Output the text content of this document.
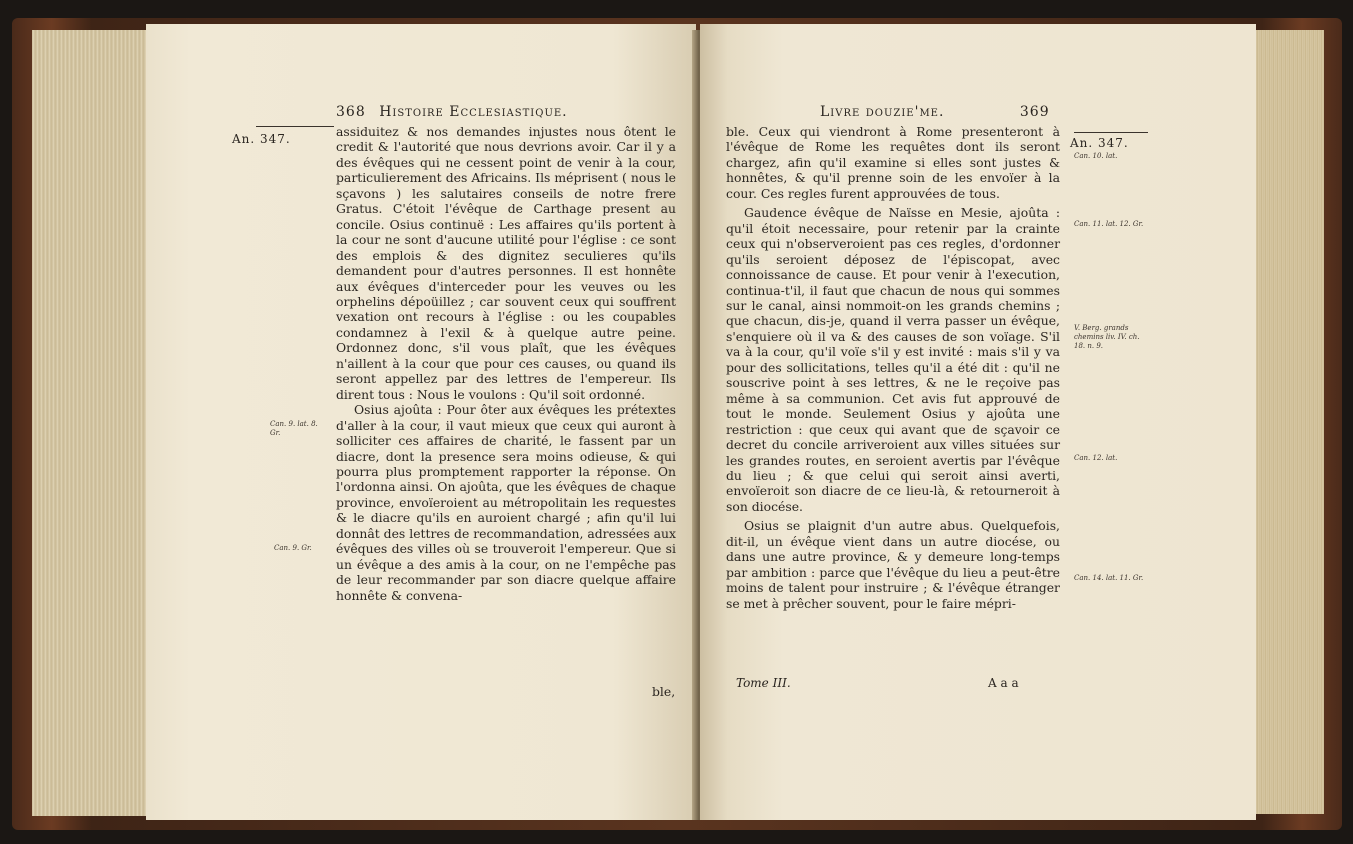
368 Histoire Ecclesiastique.
An. 347.
Can. 9. lat. 8. Gr.
Can. 9. Gr.

assiduitez & nos demandes injustes nous ôtent le credit & l'autorité que nous devrions avoir. Car il y a des évêques qui ne cessent point de venir à la cour, particulierement des Africains. Ils méprisent ( nous le sçavons ) les salutaires conseils de notre frere Gratus. C'étoit l'évêque de Carthage present au concile. Osius continuë : Les affaires qu'ils portent à la cour ne sont d'aucune utilité pour l'église : ce sont des emplois & des dignitez seculieres qu'ils demandent pour d'autres personnes. Il est honnête aux évêques d'interceder pour les veuves ou les orphelins dépoüillez ; car souvent ceux qui souffrent vexation ont recours à l'église : ou les coupables condamnez à l'exil & à quelque autre peine. Ordonnez donc, s'il vous plaît, que les évêques n'aillent à la cour que pour ces causes, ou quand ils seront appellez par des lettres de l'empereur. Ils dirent tous : Nous le voulons : Qu'il soit ordonné.

Osius ajoûta : Pour ôter aux évêques les prétextes d'aller à la cour, il vaut mieux que ceux qui auront à solliciter ces affaires de charité, le fassent par un diacre, dont la presence sera moins odieuse, & qui pourra plus promptement rapporter la réponse. On l'ordonna ainsi. On ajoûta, que les évêques de chaque province, envoïeroient au métropolitain les requestes & le diacre qu'ils en auroient chargé ; afin qu'il lui donnât des lettres de recommandation, adressées aux évêques des villes où se trouveroit l'empereur. Que si un évêque a des amis à la cour, on ne l'empêche pas de leur recommander par son diacre quelque affaire honnête & convena-

ble,
Livre douzie'me.	369
An. 347.
Can. 10. lat.
Can. 11. lat. 12. Gr.
V. Berg. grands chemins liv. IV. ch. 18. n. 9.
Can. 12. lat.
Can. 14. lat. 11. Gr.

ble. Ceux qui viendront à Rome presenteront à l'évêque de Rome les requêtes dont ils seront chargez, afin qu'il examine si elles sont justes & honnêtes, & qu'il prenne soin de les envoïer à la cour. Ces regles furent approuvées de tous.

Gaudence évêque de Naïsse en Mesie, ajoûta : qu'il étoit necessaire, pour retenir par la crainte ceux qui n'observeroient pas ces regles, d'ordonner qu'ils seroient déposez de l'épiscopat, avec connoissance de cause. Et pour venir à l'execution, continua-t'il, il faut que chacun de nous qui sommes sur le canal, ainsi nommoit-on les grands chemins ; que chacun, dis-je, quand il verra passer un évêque, s'enquiere où il va & des causes de son voïage. S'il va à la cour, qu'il voïe s'il y est invité : mais s'il y va pour des sollicitations, telles qu'il a été dit : qu'il ne souscrive point à ses lettres, & ne le reçoive pas même à sa communion. Cet avis fut approuvé de tout le monde. Seulement Osius y ajoûta une restriction : que ceux qui avant que de sçavoir ce decret du concile arriveroient aux villes situées sur les grandes routes, en seroient avertis par l'évêque du lieu ; & que celui qui seroit ainsi averti, envoïeroit son diacre de ce lieu-là, & retourneroit à son diocése.

Osius se plaignit d'un autre abus. Quelquefois, dit-il, un évêque vient dans un autre diocése, ou dans une autre province, & y demeure long-temps par ambition : parce que l'évêque du lieu a peut-être moins de talent pour instruire ; & l'évêque étranger se met à prêcher souvent, pour le faire mépri-

Tome III.	A a a
